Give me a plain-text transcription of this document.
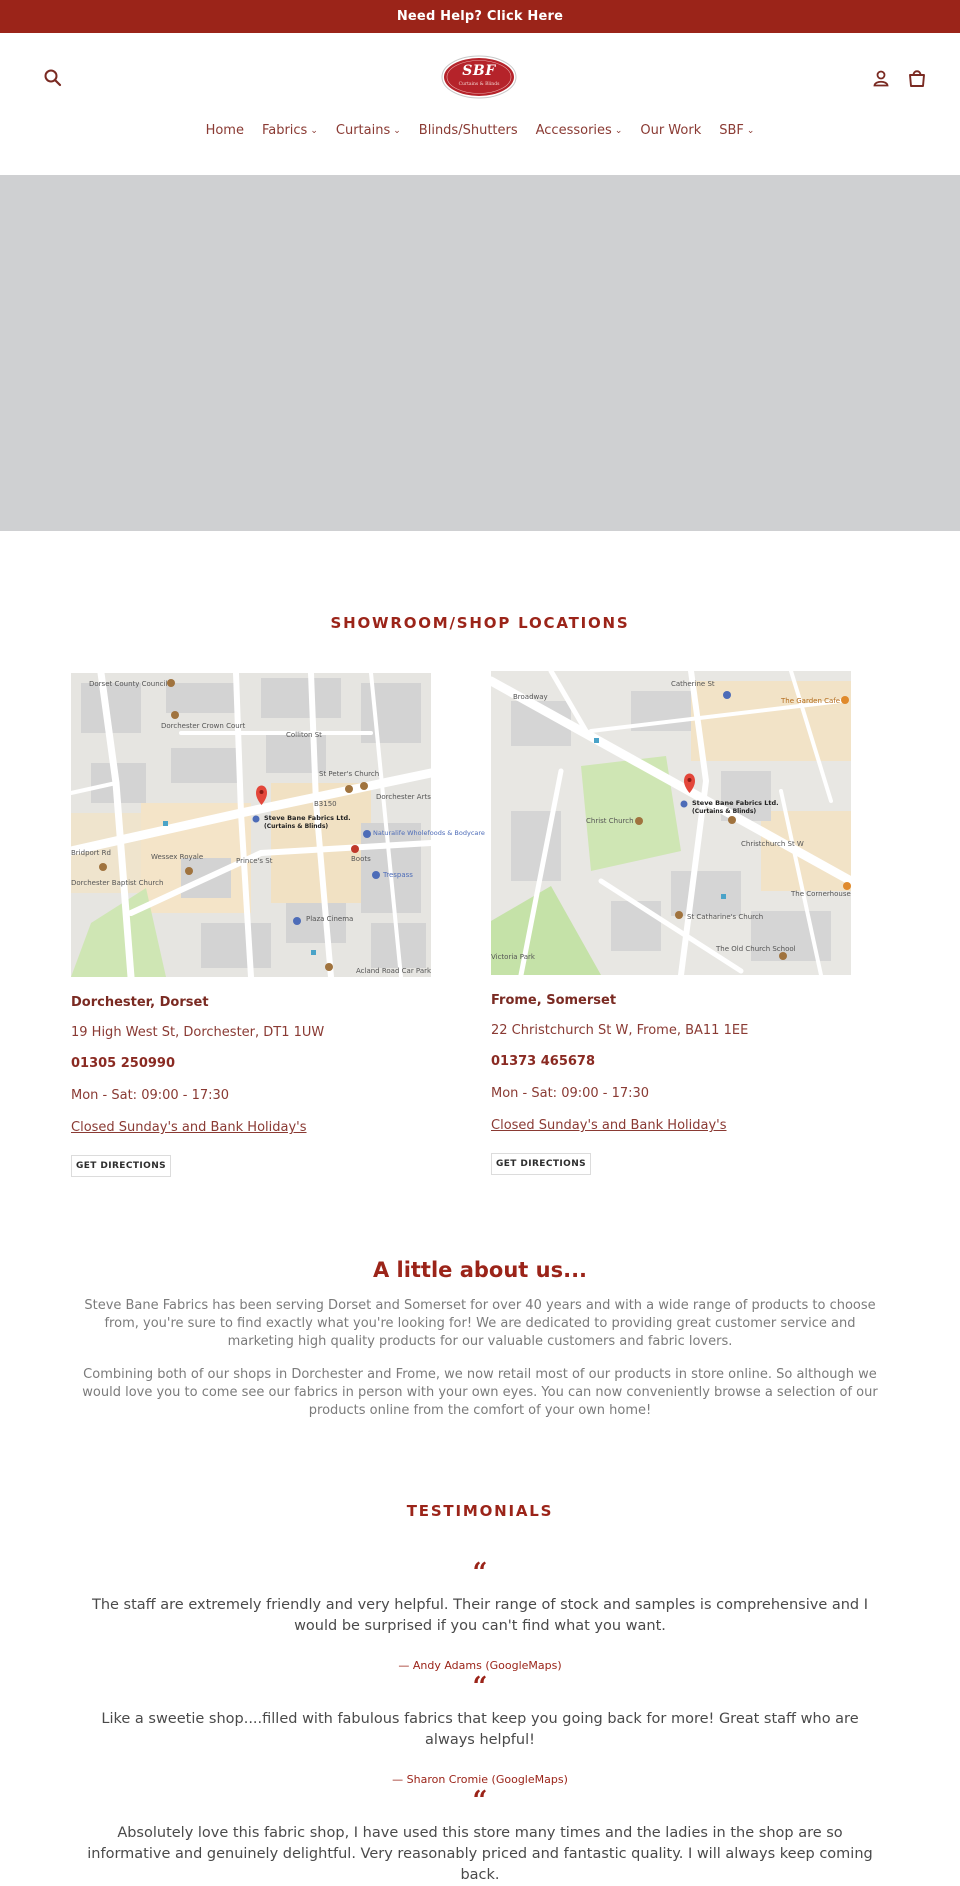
Need Help? Click Here
SBF
Curtains & Blinds
Home Fabrics ⌄ Curtains ⌄ Blinds/Shutters Accessories ⌄ Our Work SBF ⌄
SHOWROOM/SHOP LOCATIONS
Dorset County Council
Dorchester Crown Court
Colliton St
St Peter's Church
Dorchester Arts
B3150
Wessex Royale	Prince's St	Boots
Plaza Cinema
Acland Road Car Park
Bridport Rd
Dorchester Baptist Church
Trespass
Naturalife Wholefoods & Bodycare
Steve Bane Fabrics Ltd.
(Curtains & Blinds)
Dorchester, Dorset
19 High West St, Dorchester, DT1 1UW
01305 250990
Mon - Sat: 09:00 - 17:30
Closed Sunday's and Bank Holiday's
GET DIRECTIONS
Broadway
Catherine St
The Garden Cafe
Christ Church
Christchurch St W
St Catharine's Church
The Cornerhouse
The Old Church School
Victoria Park
Steve Bane Fabrics Ltd.
(Curtains & Blinds)
Frome, Somerset
22 Christchurch St W, Frome, BA11 1EE
01373 465678
Mon - Sat: 09:00 - 17:30
Closed Sunday's and Bank Holiday's
GET DIRECTIONS
A little about us...
Steve Bane Fabrics has been serving Dorset and Somerset for over 40 years and with a wide range of products to choose from, you're sure to find exactly what you're looking for! We are dedicated to providing great customer service and marketing high quality products for our valuable customers and fabric lovers.
Combining both of our shops in Dorchester and Frome, we now retail most of our products in store online. So although we would love you to come see our fabrics in person with your own eyes. You can now conveniently browse a selection of our products online from the comfort of your own home!
TESTIMONIALS
“
The staff are extremely friendly and very helpful. Their range of stock and samples is comprehensive and I would be surprised if you can't find what you want.
— Andy Adams (GoogleMaps)
“
Like a sweetie shop....filled with fabulous fabrics that keep you going back for more! Great staff who are always helpful!
— Sharon Cromie (GoogleMaps)
“
Absolutely love this fabric shop, I have used this store many times and the ladies in the shop are so informative and genuinely delightful. Very reasonably priced and fantastic quality. I will always keep coming back.
